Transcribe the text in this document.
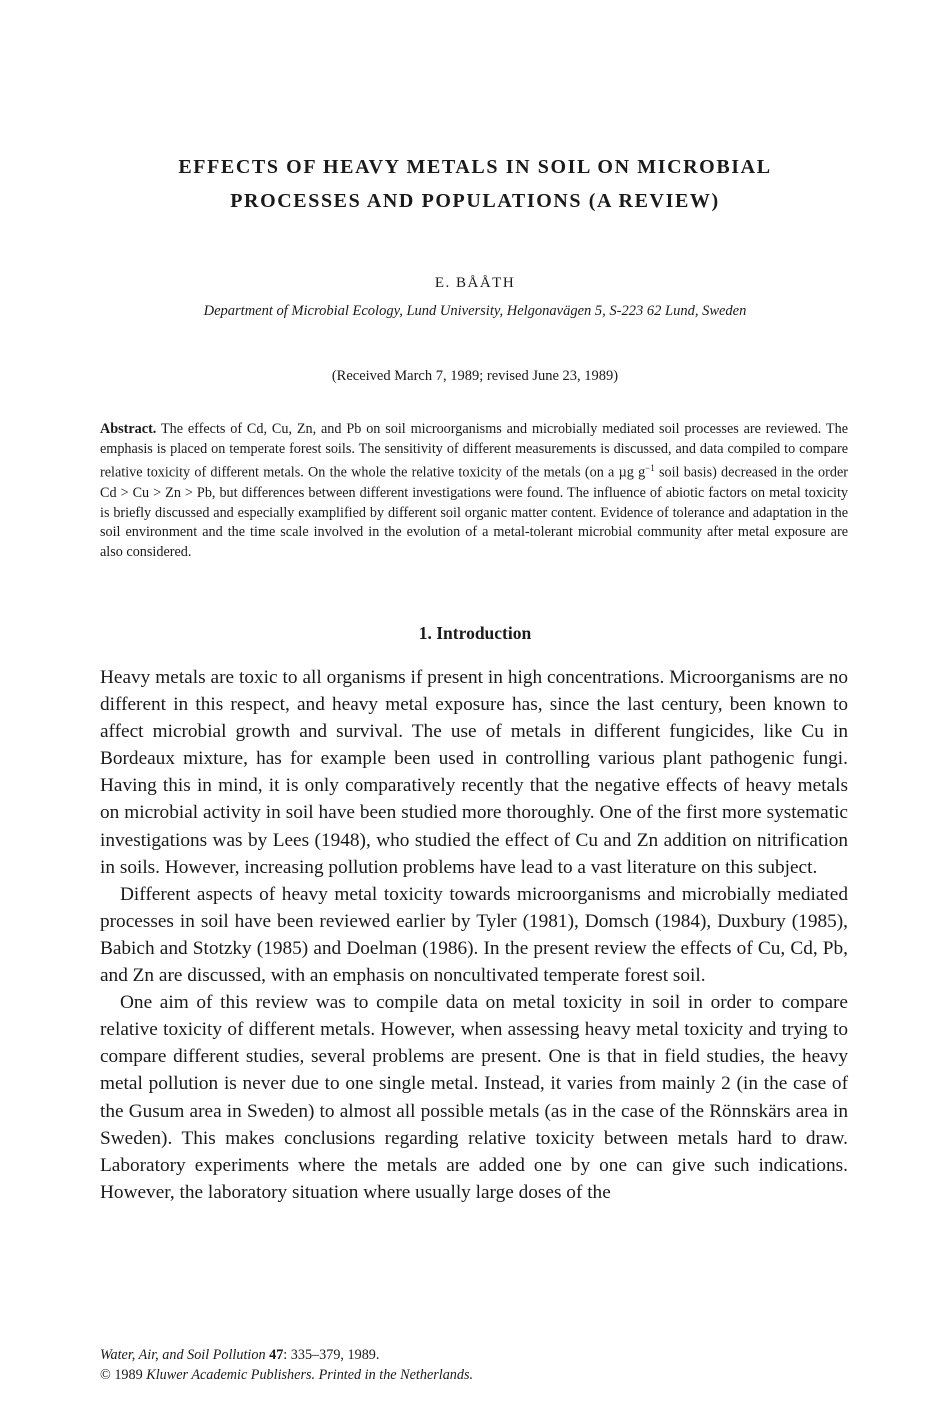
EFFECTS OF HEAVY METALS IN SOIL ON MICROBIAL
PROCESSES AND POPULATIONS (A REVIEW)
E. BÅÅTH
Department of Microbial Ecology, Lund University, Helgonavägen 5, S-223 62 Lund, Sweden
(Received March 7, 1989; revised June 23, 1989)
Abstract. The effects of Cd, Cu, Zn, and Pb on soil microorganisms and microbially mediated soil processes are reviewed. The emphasis is placed on temperate forest soils. The sensitivity of different measurements is discussed, and data compiled to compare relative toxicity of different metals. On the whole the relative toxicity of the metals (on a µg $g^{-1}$ soil basis) decreased in the order Cd > Cu > Zn > Pb, but differences between different investigations were found. The influence of abiotic factors on metal toxicity is briefly discussed and especially examplified by different soil organic matter content. Evidence of tolerance and adaptation in the soil environment and the time scale involved in the evolution of a metal-tolerant microbial community after metal exposure are also considered.
1. Introduction

Heavy metals are toxic to all organisms if present in high concentrations. Microorganisms are no different in this respect, and heavy metal exposure has, since the last century, been known to affect microbial growth and survival. The use of metals in different fungicides, like Cu in Bordeaux mixture, has for example been used in controlling various plant pathogenic fungi. Having this in mind, it is only comparatively recently that the negative effects of heavy metals on microbial activity in soil have been studied more thoroughly. One of the first more systematic investigations was by Lees (1948), who studied the effect of Cu and Zn addition on nitrification in soils. However, increasing pollution problems have lead to a vast literature on this subject.

Different aspects of heavy metal toxicity towards microorganisms and microbially mediated processes in soil have been reviewed earlier by Tyler (1981), Domsch (1984), Duxbury (1985), Babich and Stotzky (1985) and Doelman (1986). In the present review the effects of Cu, Cd, Pb, and Zn are discussed, with an emphasis on noncultivated temperate forest soil.

One aim of this review was to compile data on metal toxicity in soil in order to compare relative toxicity of different metals. However, when assessing heavy metal toxicity and trying to compare different studies, several problems are present. One is that in field studies, the heavy metal pollution is never due to one single metal. Instead, it varies from mainly 2 (in the case of the Gusum area in Sweden) to almost all possible metals (as in the case of the Rönnskärs area in Sweden). This makes conclusions regarding relative toxicity between metals hard to draw. Laboratory experiments where the metals are added one by one can give such indications. However, the laboratory situation where usually large doses of the

Water, Air, and Soil Pollution 47: 335–379, 1989.
© 1989 Kluwer Academic Publishers. Printed in the Netherlands.
